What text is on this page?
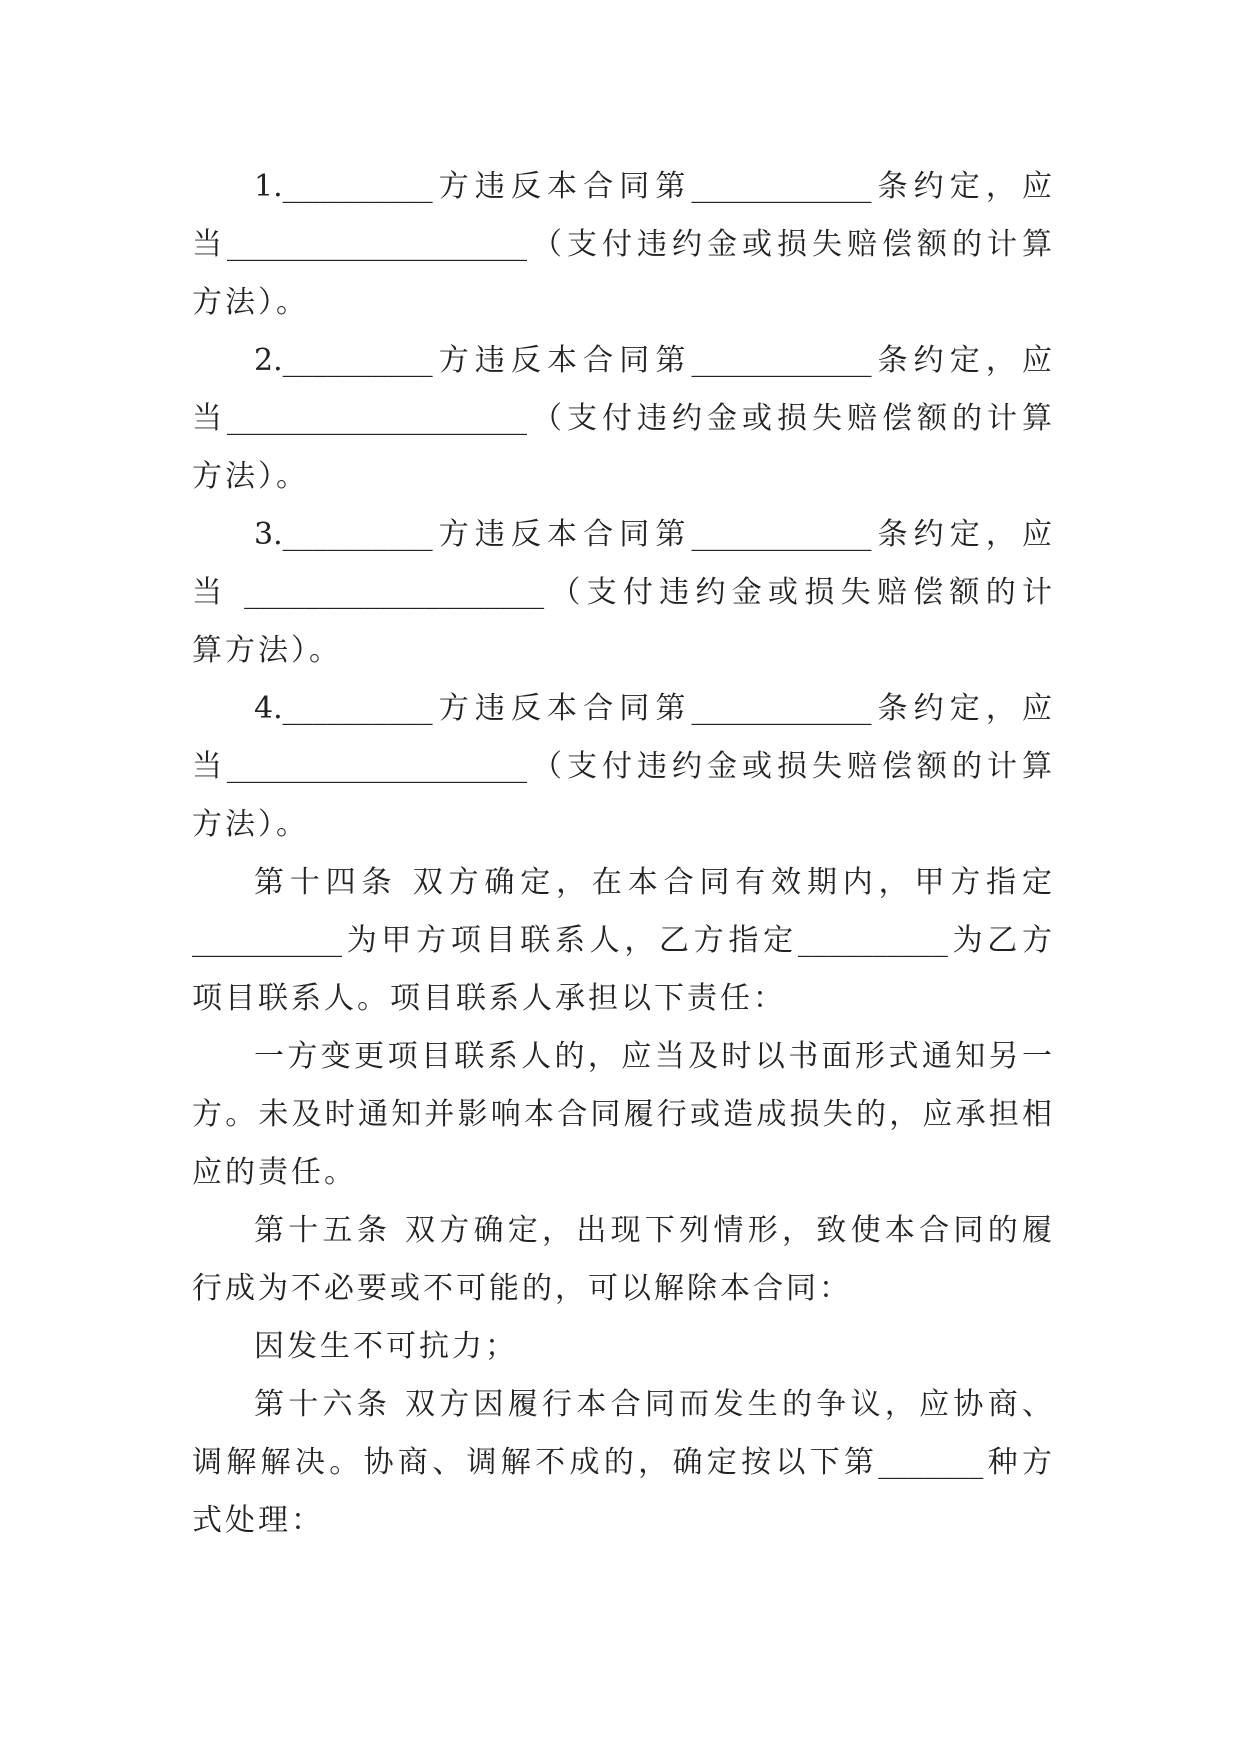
1.__________方违反本合同第____________条约定，应
当____________________（支付违约金或损失赔偿额的计算
方法）。
2.__________方违反本合同第____________条约定，应
当____________________（支付违约金或损失赔偿额的计算
方法）。
3.__________方违反本合同第____________条约定，应
当 ____________________（支付违约金或损失赔偿额的计
算方法）。
4.__________方违反本合同第____________条约定，应
当____________________（支付违约金或损失赔偿额的计算
方法）。
第十四条 双方确定，在本合同有效期内，甲方指定
__________为甲方项目联系人，乙方指定__________为乙方
项目联系人。项目联系人承担以下责任：
一方变更项目联系人的，应当及时以书面形式通知另一
方。未及时通知并影响本合同履行或造成损失的，应承担相
应的责任。
第十五条 双方确定，出现下列情形，致使本合同的履
行成为不必要或不可能的，可以解除本合同：
因发生不可抗力；
第十六条 双方因履行本合同而发生的争议，应协商、
调解解决。协商、调解不成的，确定按以下第_______种方
式处理：
